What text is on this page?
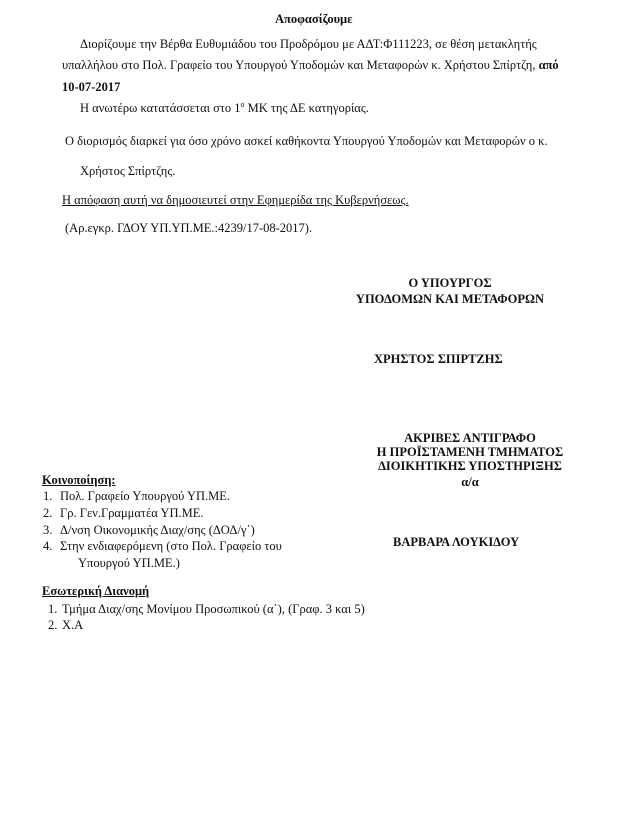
Αποφασίζουμε
Διορίζουμε την Βέρθα Ευθυμιάδου του Προδρόμου με ΑΔΤ:Φ111223, σε θέση μετακλητής
υπαλλήλου στο Πολ. Γραφείο του Υπουργού Υποδομών και Μεταφορών κ. Χρήστου Σπίρτζη, από
10-07-2017
Η ανωτέρω κατατάσσεται στο $1^o$ ΜΚ της ΔΕ κατηγορίας.
Ο διορισμός διαρκεί για όσο χρόνο ασκεί καθήκοντα Υπουργού Υποδομών και Μεταφορών ο κ.
Χρήστος Σπίρτζης.
Η απόφαση αυτή να δημοσιευτεί στην Εφημερίδα της Κυβερνήσεως.
(Αρ.εγκρ. ΓΔΟΥ ΥΠ.ΥΠ.ΜΕ.:4239/17-08-2017).
Ο ΥΠΟΥΡΓΟΣ
ΥΠΟΔΟΜΩΝ ΚΑΙ ΜΕΤΑΦΟΡΩΝ
ΧΡΗΣΤΟΣ ΣΠΙΡΤΖΗΣ
ΑΚΡΙΒΕΣ ΑΝΤΙΓΡΑΦΟ
Η ΠΡΟΪΣΤΑΜΕΝΗ ΤΜΗΜΑΤΟΣ
ΔΙΟΙΚΗΤΙΚΗΣ ΥΠΟΣΤΗΡΙΞΗΣ
α/α
ΒΑΡΒΑΡΑ ΛΟΥΚΙΔΟΥ
Κοινοποίηση:
1. Πολ. Γραφείο Υπουργού ΥΠ.ΜΕ.
2. Γρ. Γεν.Γραμματέα ΥΠ.ΜΕ.
3. Δ/νση Οικονομικής Διαχ/σης (ΔΟΔ/γ΄)
4. Στην ενδιαφερόμενη (στο Πολ. Γραφείο του
Υπουργού ΥΠ.ΜΕ.)
Εσωτερική Διανομή
1. Τμήμα Διαχ/σης Μονίμου Προσωπικού (α΄), (Γραφ. 3 και 5)
2. Χ.Α
